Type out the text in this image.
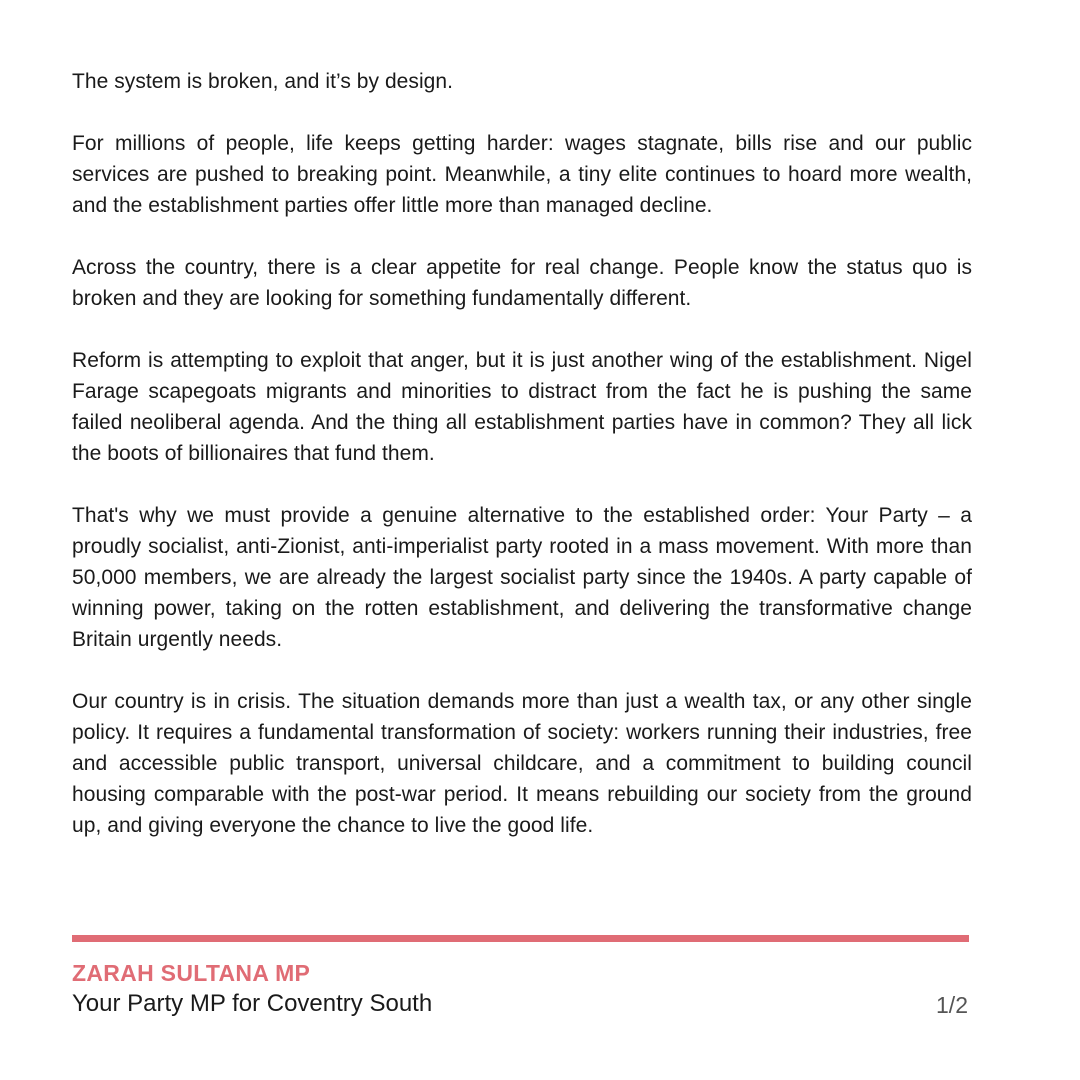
The system is broken, and it’s by design.

For millions of people, life keeps getting harder: wages stagnate, bills rise and our public services are pushed to breaking point. Meanwhile, a tiny elite continues to hoard more wealth, and the establishment parties offer little more than managed decline.

Across the country, there is a clear appetite for real change. People know the status quo is broken and they are looking for something fundamentally different.

Reform is attempting to exploit that anger, but it is just another wing of the establishment. Nigel Farage scapegoats migrants and minorities to distract from the fact he is pushing the same failed neoliberal agenda. And the thing all establishment parties have in common? They all lick the boots of billionaires that fund them.

That's why we must provide a genuine alternative to the established order: Your Party – a proudly socialist, anti-Zionist, anti-imperialist party rooted in a mass movement. With more than 50,000 members, we are already the largest socialist party since the 1940s. A party capable of winning power, taking on the rotten establishment, and delivering the transformative change Britain urgently needs.

Our country is in crisis. The situation demands more than just a wealth tax, or any other single policy. It requires a fundamental transformation of society: workers running their industries, free and accessible public transport, universal childcare, and a commitment to building council housing comparable with the post-war period. It means rebuilding our society from the ground up, and giving everyone the chance to live the good life.

ZARAH SULTANA MP
Your Party MP for Coventry South	1/2
